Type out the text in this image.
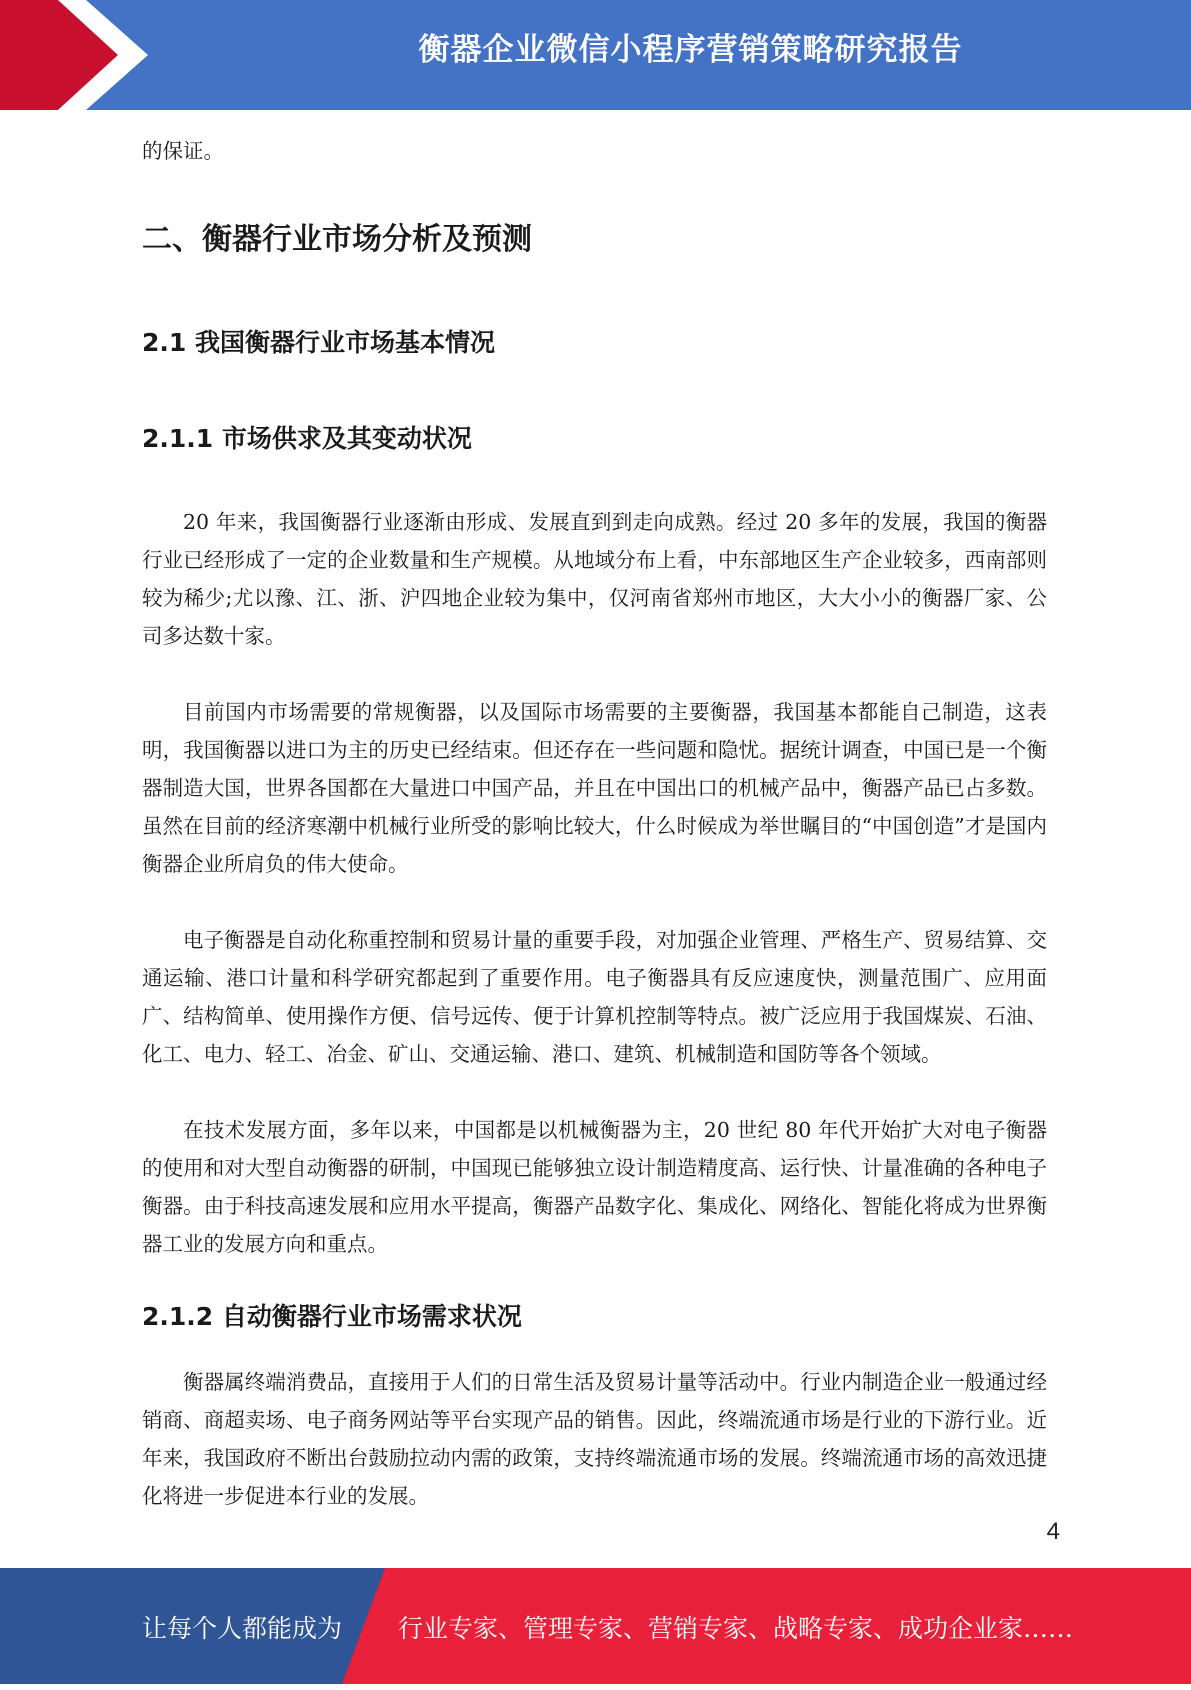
衡器企业微信小程序营销策略研究报告

的保证。

二、衡器行业市场分析及预测
2.1 我国衡器行业市场基本情况
2.1.1 市场供求及其变动状况

20 年来，我国衡器行业逐渐由形成、发展直到到走向成熟。经过 20 多年的发展，我国的衡器行业已经形成了一定的企业数量和生产规模。从地域分布上看，中东部地区生产企业较多，西南部则较为稀少;尤以豫、江、浙、沪四地企业较为集中，仅河南省郑州市地区，大大小小的衡器厂家、公司多达数十家。

目前国内市场需要的常规衡器，以及国际市场需要的主要衡器，我国基本都能自己制造，这表明，我国衡器以进口为主的历史已经结束。但还存在一些问题和隐忧。据统计调查，中国已是一个衡器制造大国，世界各国都在大量进口中国产品，并且在中国出口的机械产品中，衡器产品已占多数。虽然在目前的经济寒潮中机械行业所受的影响比较大，什么时候成为举世瞩目的“中国创造”才是国内衡器企业所肩负的伟大使命。

电子衡器是自动化称重控制和贸易计量的重要手段，对加强企业管理、严格生产、贸易结算、交通运输、港口计量和科学研究都起到了重要作用。电子衡器具有反应速度快，测量范围广、应用面广、结构简单、使用操作方便、信号远传、便于计算机控制等特点。被广泛应用于我国煤炭、石油、化工、电力、轻工、冶金、矿山、交通运输、港口、建筑、机械制造和国防等各个领域。

在技术发展方面，多年以来，中国都是以机械衡器为主，20 世纪 80 年代开始扩大对电子衡器的使用和对大型自动衡器的研制，中国现已能够独立设计制造精度高、运行快、计量准确的各种电子衡器。由于科技高速发展和应用水平提高，衡器产品数字化、集成化、网络化、智能化将成为世界衡器工业的发展方向和重点。

2.1.2 自动衡器行业市场需求状况

衡器属终端消费品，直接用于人们的日常生活及贸易计量等活动中。行业内制造企业一般通过经销商、商超卖场、电子商务网站等平台实现产品的销售。因此，终端流通市场是行业的下游行业。近年来，我国政府不断出台鼓励拉动内需的政策，支持终端流通市场的发展。终端流通市场的高效迅捷化将进一步促进本行业的发展。

4
让每个人都能成为 行业专家、管理专家、营销专家、战略专家、成功企业家……
